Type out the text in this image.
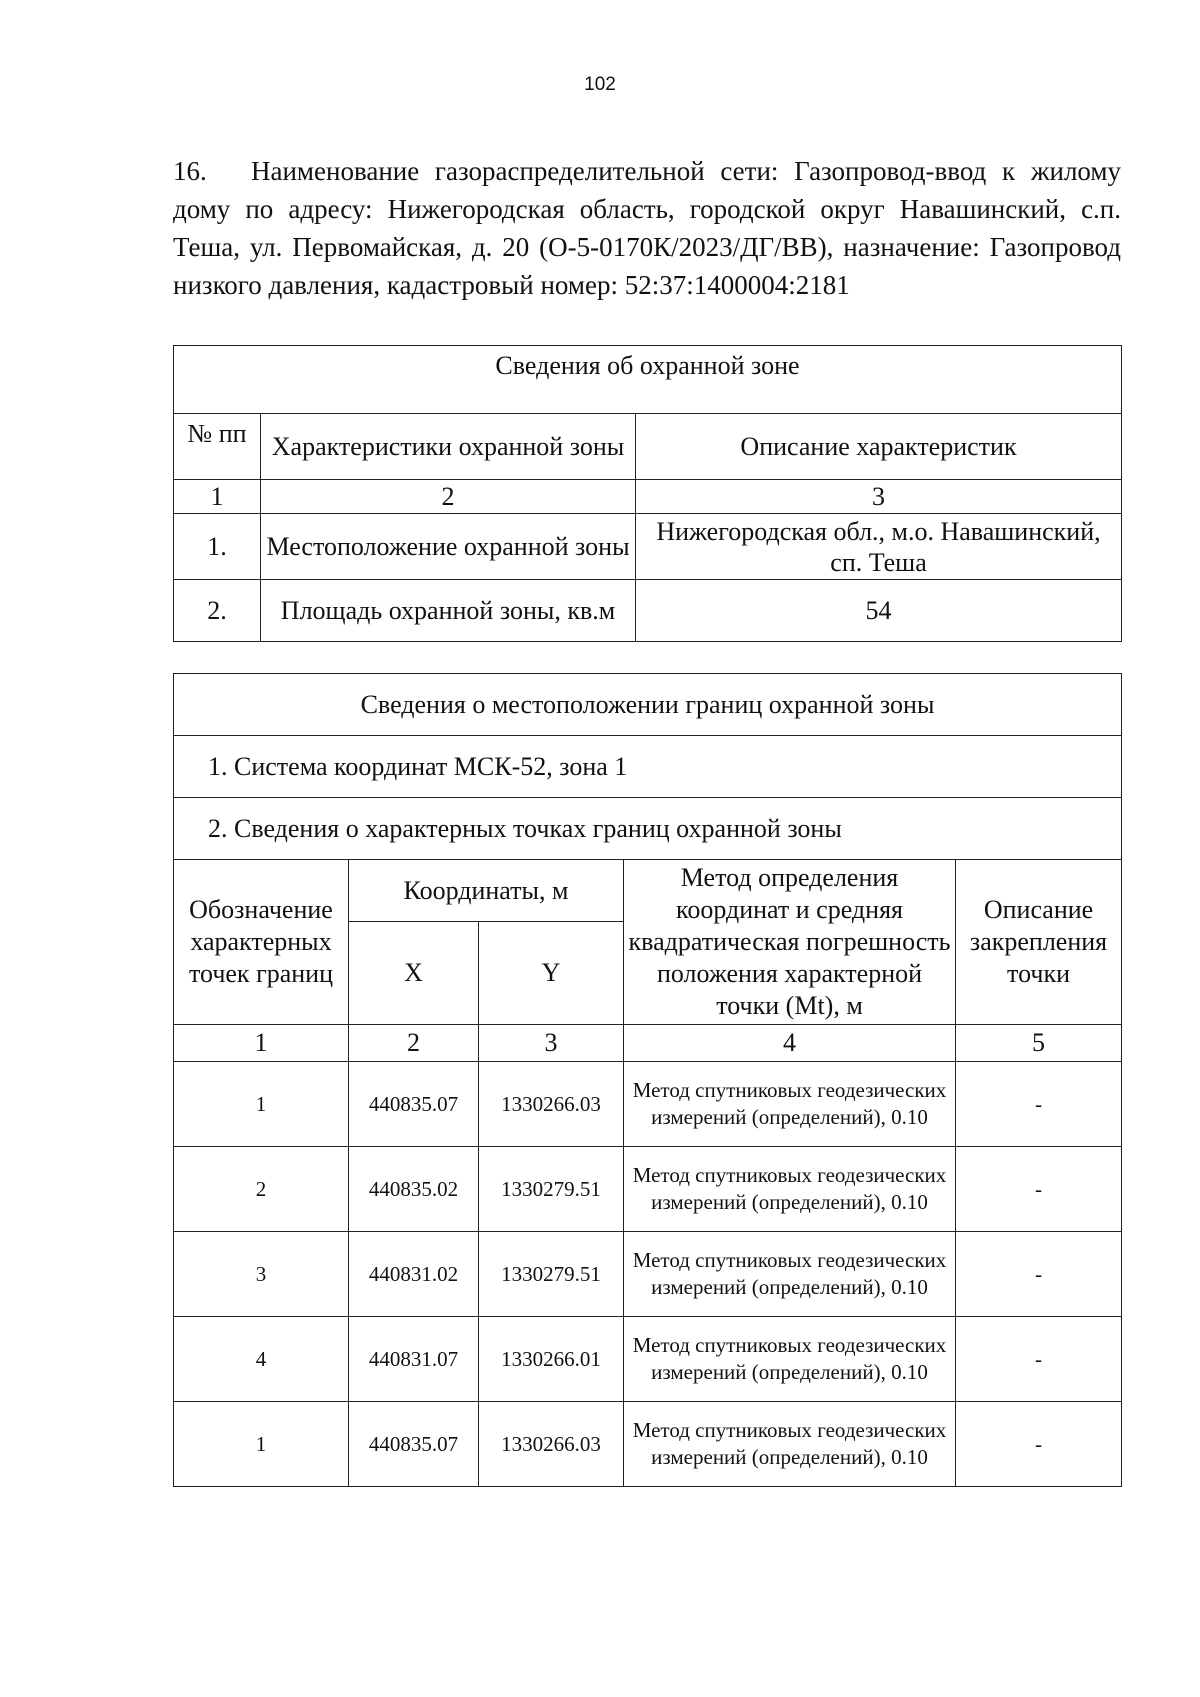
102
16. Наименование газораспределительной сети: Газопровод-ввод к жилому дому по адресу: Нижегородская область, городской округ Навашинский, с.п. Теша, ул. Первомайская, д. 20 (О-5-0170К/2023/ДГ/ВВ), назначение: Газопровод низкого давления, кадастровый номер: 52:37:1400004:2181
Сведения об охранной зоне		
№ пп	Характеристики охранной зоны	Описание характеристик
1	2	3
1.	Местоположение охранной зоны	Нижегородская обл., м.о. Навашинский, сп. Теша
2.	Площадь охранной зоны, кв.м	54
Сведения о местоположении границ охранной зоны				
1. Система координат МСК-52, зона 1				
2. Сведения о характерных точках границ охранной зоны				
Обозначение характерных точек границ	Координаты, м		Метод определения координат и средняя квадратическая погрешность положения характерной точки (Mt), м	Описание закрепления точки
	X	Y		
1	2	3	4	5
1	440835.07	1330266.03	Метод спутниковых геодезических измерений (определений), 0.10	-
2	440835.02	1330279.51	Метод спутниковых геодезических измерений (определений), 0.10	-
3	440831.02	1330279.51	Метод спутниковых геодезических измерений (определений), 0.10	-
4	440831.07	1330266.01	Метод спутниковых геодезических измерений (определений), 0.10	-
1	440835.07	1330266.03	Метод спутниковых геодезических измерений (определений), 0.10	-
